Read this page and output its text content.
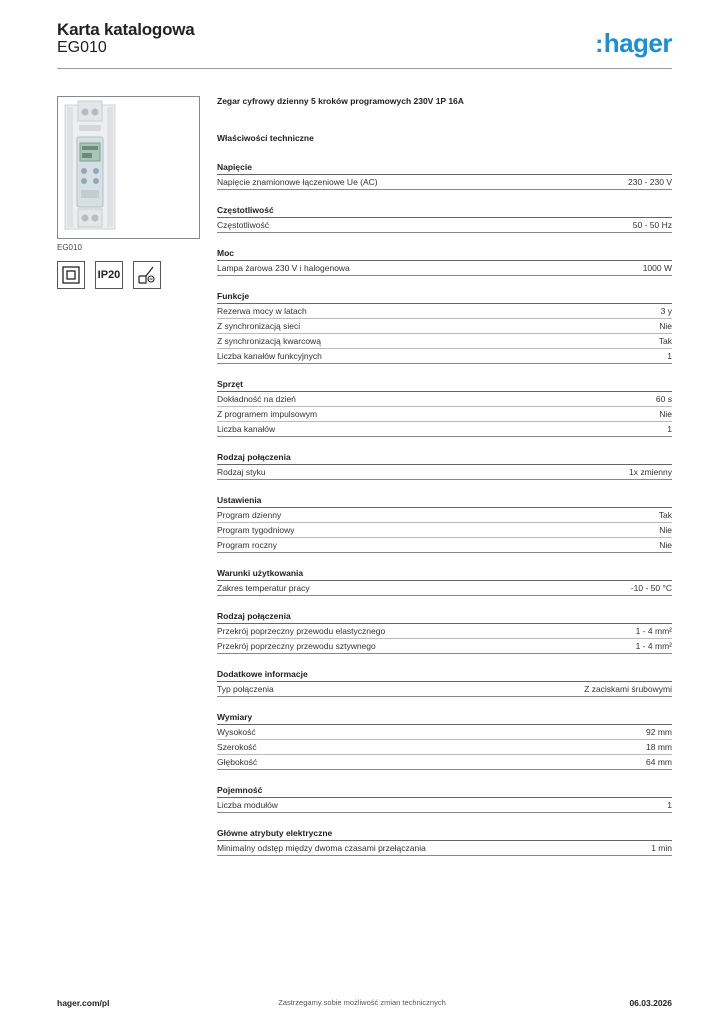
Karta katalogowa
EG010	:hager
EG010
IP20
Zegar cyfrowy dzienny 5 kroków programowych 230V 1P 16A
Właściwości techniczne
Napięcie
Napięcie znamionowe łączeniowe Ue (AC)	230 - 230 V
Częstotliwość
Częstotliwość	50 - 50 Hz
Moc
Lampa żarowa 230 V i halogenowa	1000 W
Funkcje
Rezerwa mocy w latach	3 y
Z synchronizacją sieci	Nie
Z synchronizacją kwarcową	Tak
Liczba kanałów funkcyjnych	1
Sprzęt
Dokładność na dzień	60 s
Z programem impulsowym	Nie
Liczba kanałów	1
Rodzaj połączenia
Rodzaj styku	1x zmienny
Ustawienia
Program dzienny	Tak
Program tygodniowy	Nie
Program roczny	Nie
Warunki użytkowania
Zakres temperatur pracy	-10 - 50 °C
Rodzaj połączenia
Przekrój poprzeczny przewodu elastycznego	1 - 4 mm²
Przekrój poprzeczny przewodu sztywnego	1 - 4 mm²
Dodatkowe informacje
Typ połączenia	Z zaciskami śrubowymi
Wymiary
Wysokość	92 mm
Szerokość	18 mm
Głębokość	64 mm
Pojemność
Liczba modułów	1
Główne atrybuty elektryczne
Minimalny odstęp między dwoma czasami przełączania	1 min
hager.com/pl	Zastrzegamy sobie możliwość zmian technicznych	06.03.2026
